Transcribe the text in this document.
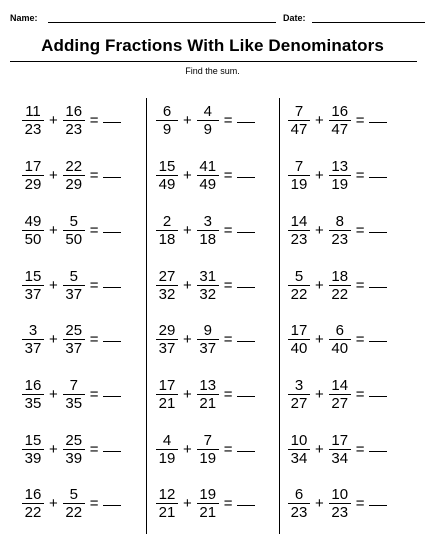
Name:	Date:
Adding Fractions With Like Denominators
Find the sum.
$\frac{11}{23} + \frac{16}{23}$ =
$\frac{17}{29} + \frac{22}{29}$ =
$\frac{49}{50} + \frac{5}{50}$ =
$\frac{15}{37} + \frac{5}{37}$ =
$\frac{3}{37} + \frac{25}{37}$ =
$\frac{16}{35} + \frac{7}{35}$ =
$\frac{15}{39} + \frac{25}{39}$ =
$\frac{16}{22} + \frac{5}{22}$ =
$\frac{6}{9} + \frac{4}{9}$ =
$\frac{15}{49} + \frac{41}{49}$ =
$\frac{2}{18} + \frac{3}{18}$ =
$\frac{27}{32} + \frac{31}{32}$ =
$\frac{29}{37} + \frac{9}{37}$ =
$\frac{17}{21} + \frac{13}{21}$ =
$\frac{4}{19} + \frac{7}{19}$ =
$\frac{12}{21} + \frac{19}{21}$ =
$\frac{7}{47} + \frac{16}{47}$ =
$\frac{7}{19} + \frac{13}{19}$ =
$\frac{14}{23} + \frac{8}{23}$ =
$\frac{5}{22} + \frac{18}{22}$ =
$\frac{17}{40} + \frac{6}{40}$ =
$\frac{3}{27} + \frac{14}{27}$ =
$\frac{10}{34} + \frac{17}{34}$ =
$\frac{6}{23} + \frac{10}{23}$ =
